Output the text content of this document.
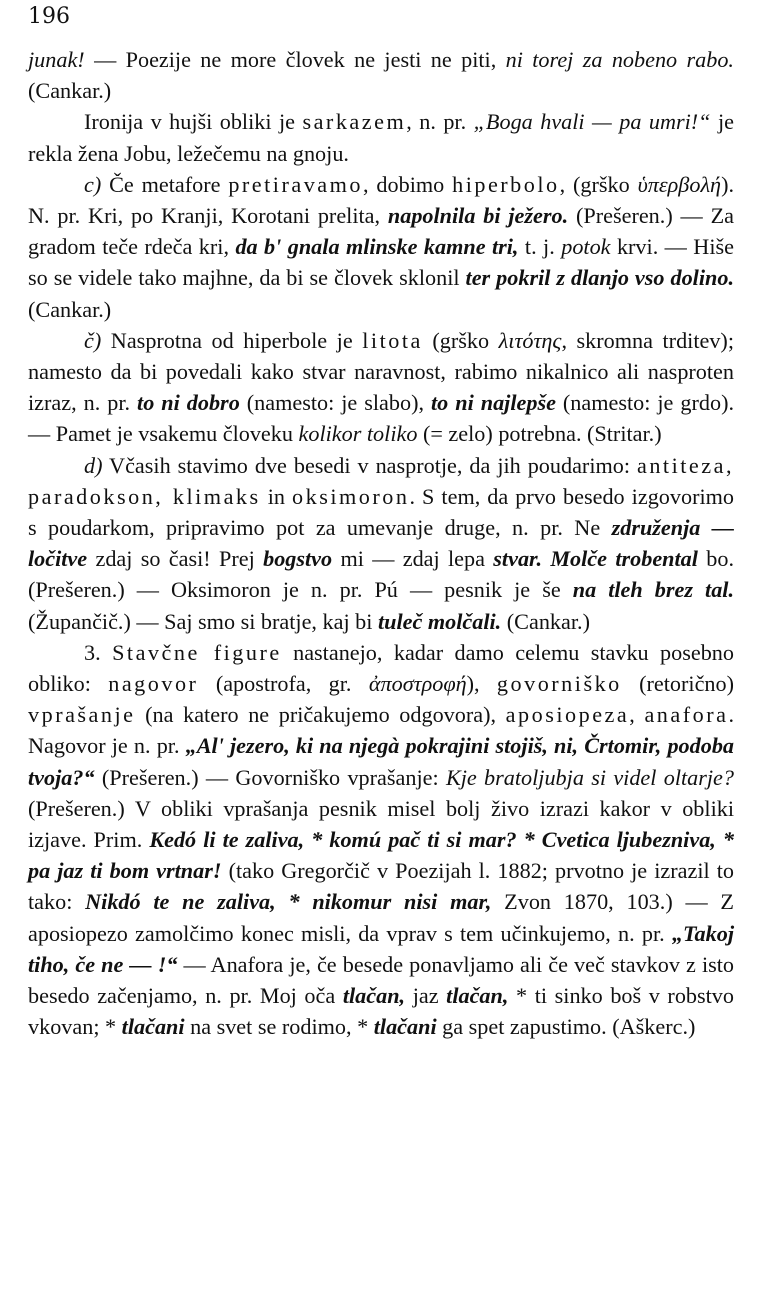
196

junak! — Poezije ne more človek ne jesti ne piti, ni torej za nobeno rabo. (Cankar.)

Ironija v hujši obliki je sarkazem, n. pr. „Boga hvali — pa umri!“ je rekla žena Jobu, ležečemu na gnoju.

c) Če metafore pretiravamo, dobimo hiperbolo, (grško ὑπερβολή). N. pr. Kri, po Kranji, Korotani prelita, napolnila bi ježero. (Prešeren.) — Za gradom teče rdeča kri, da b' gnala mlinske kamne tri, t. j. potok krvi. — Hiše so se videle tako majhne, da bi se človek sklonil ter pokril z dlanjo vso dolino. (Cankar.)

č) Nasprotna od hiperbole je litota (grško λιτότης, skromna trditev); namesto da bi povedali kako stvar naravnost, rabimo nikalnico ali nasproten izraz, n. pr. to ni dobro (namesto: je slabo), to ni najlepše (namesto: je grdo). — Pamet je vsakemu človeku kolikor toliko (= zelo) potrebna. (Stritar.)

d) Včasih stavimo dve besedi v nasprotje, da jih poudarimo: antiteza, paradokson, klimaks in oksimoron. S tem, da prvo besedo izgovorimo s poudarkom, pripravimo pot za umevanje druge, n. pr. Ne združenja — ločitve zdaj so časi! Prej bogstvo mi — zdaj lepa stvar. Molče trobental bo. (Prešeren.) — Oksimoron je n. pr. Pú — pesnik je še na tleh brez tal. (Župančič.) — Saj smo si bratje, kaj bi tuleč molčali. (Cankar.)

3. Stavčne figure nastanejo, kadar damo celemu stavku posebno obliko: nagovor (apostrofa, gr. ἀποστροφή), govorniško (retorično) vprašanje (na katero ne pričakujemo odgovora), aposiopeza, anafora. Nagovor je n. pr. „Al' jezero, ki na njegà pokrajini stojiš, ni, Črtomir, podoba tvoja?“ (Prešeren.) — Govorniško vprašanje: Kje bratoljubja si videl oltarje? (Prešeren.) V obliki vprašanja pesnik misel bolj živo izrazi kakor v obliki izjave. Prim. Kedó li te zaliva, * komú pač ti si mar? * Cvetica ljubezniva, * pa jaz ti bom vrtnar! (tako Gregorčič v Poezijah l. 1882; prvotno je izrazil to tako: Nikdó te ne zaliva, * nikomur nisi mar, Zvon 1870, 103.) — Z aposiopezo zamolčimo konec misli, da vprav s tem učinkujemo, n. pr. „Takoj tiho, če ne — !“ — Anafora je, če besede ponavljamo ali če več stavkov z isto besedo začenjamo, n. pr. Moj oča tlačan, jaz tlačan, * ti sinko boš v robstvo vkovan; * tlačani na svet se rodimo, * tlačani ga spet zapustimo. (Aškerc.)
